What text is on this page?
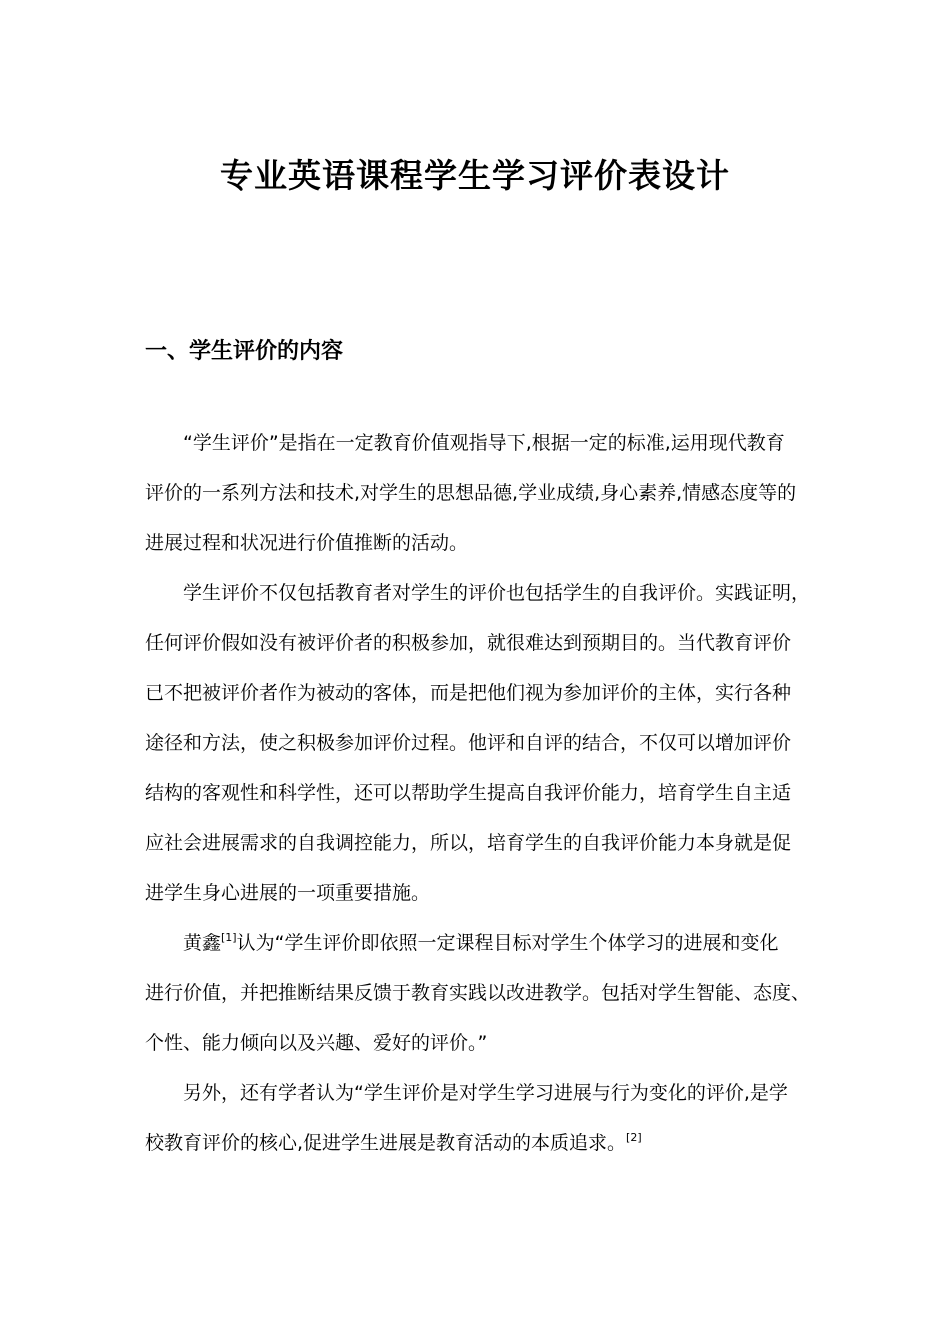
专业英语课程学生学习评价表设计
一、学生评价的内容

“学生评价”是指在一定教育价值观指导下,根据一定的标准,运用现代教育
评价的一系列方法和技术,对学生的思想品德,学业成绩,身心素养,情感态度等的
进展过程和状况进行价值推断的活动。

学生评价不仅包括教育者对学生的评价也包括学生的自我评价。实践证明，
任何评价假如没有被评价者的积极参加，就很难达到预期目的。当代教育评价
已不把被评价者作为被动的客体，而是把他们视为参加评价的主体，实行各种
途径和方法，使之积极参加评价过程。他评和自评的结合，不仅可以增加评价
结构的客观性和科学性，还可以帮助学生提高自我评价能力，培育学生自主适
应社会进展需求的自我调控能力，所以，培育学生的自我评价能力本身就是促
进学生身心进展的一项重要措施。

黄鑫[1]认为“学生评价即依照一定课程目标对学生个体学习的进展和变化
进行价值，并把推断结果反馈于教育实践以改进教学。包括对学生智能、态度、
个性、能力倾向以及兴趣、爱好的评价。”

另外，还有学者认为“学生评价是对学生学习进展与行为变化的评价,是学
校教育评价的核心,促进学生进展是教育活动的本质追求。[2]
